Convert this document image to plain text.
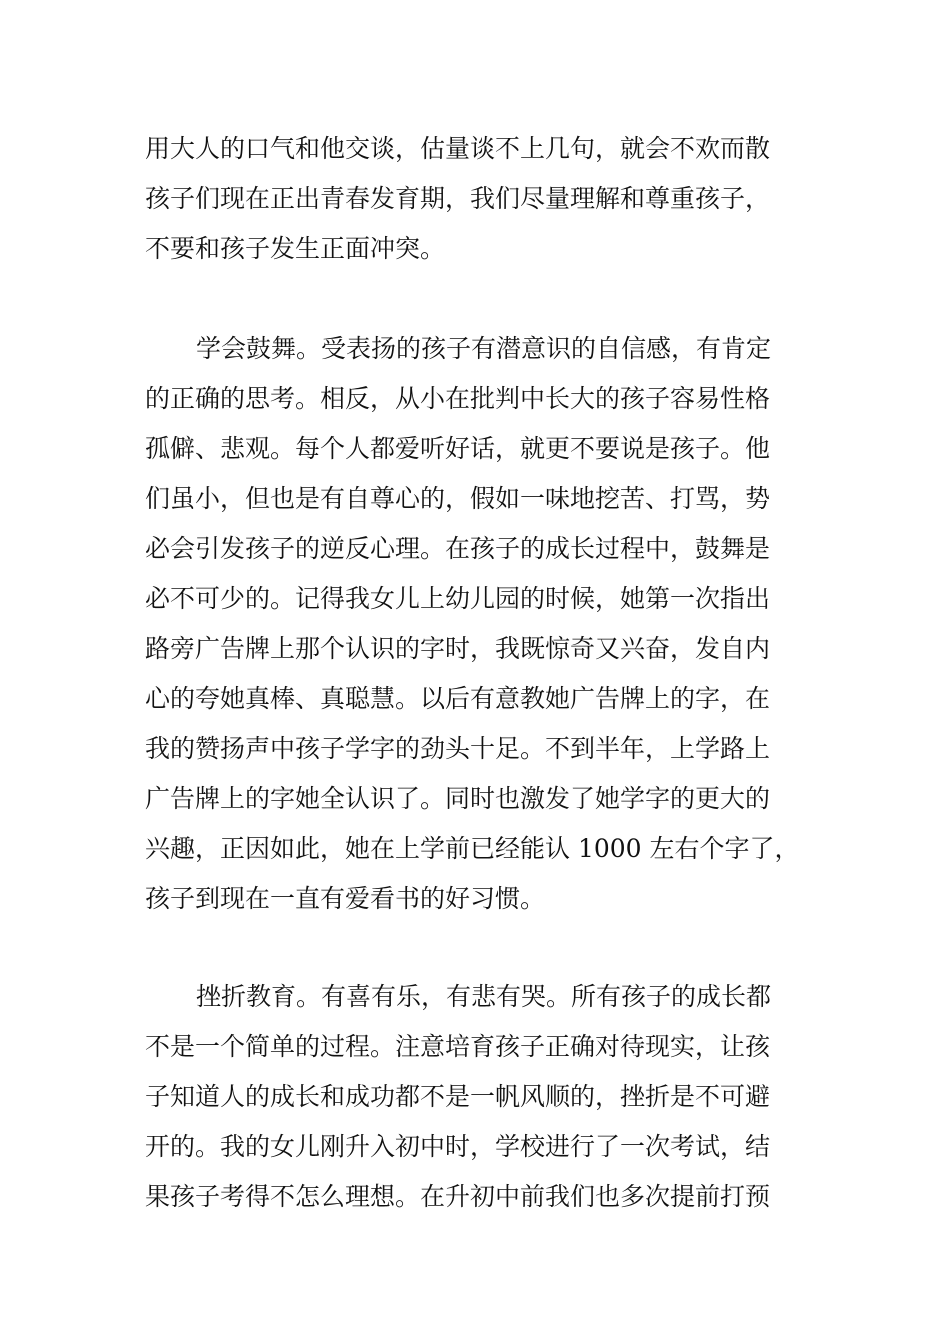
用大人的口气和他交谈，估量谈不上几句，就会不欢而散
孩子们现在正出青春发育期，我们尽量理解和尊重孩子，
不要和孩子发生正面冲突。
学会鼓舞。受表扬的孩子有潜意识的自信感，有肯定
的正确的思考。相反，从小在批判中长大的孩子容易性格
孤僻、悲观。每个人都爱听好话，就更不要说是孩子。他
们虽小，但也是有自尊心的，假如一味地挖苦、打骂，势
必会引发孩子的逆反心理。在孩子的成长过程中，鼓舞是
必不可少的。记得我女儿上幼儿园的时候，她第一次指出
路旁广告牌上那个认识的字时，我既惊奇又兴奋，发自内
心的夸她真棒、真聪慧。以后有意教她广告牌上的字，在
我的赞扬声中孩子学字的劲头十足。不到半年，上学路上
广告牌上的字她全认识了。同时也激发了她学字的更大的
兴趣，正因如此，她在上学前已经能认 1000 左右个字了，
孩子到现在一直有爱看书的好习惯。
挫折教育。有喜有乐，有悲有哭。所有孩子的成长都
不是一个简单的过程。注意培育孩子正确对待现实，让孩
子知道人的成长和成功都不是一帆风顺的，挫折是不可避
开的。我的女儿刚升入初中时，学校进行了一次考试，结
果孩子考得不怎么理想。在升初中前我们也多次提前打预
